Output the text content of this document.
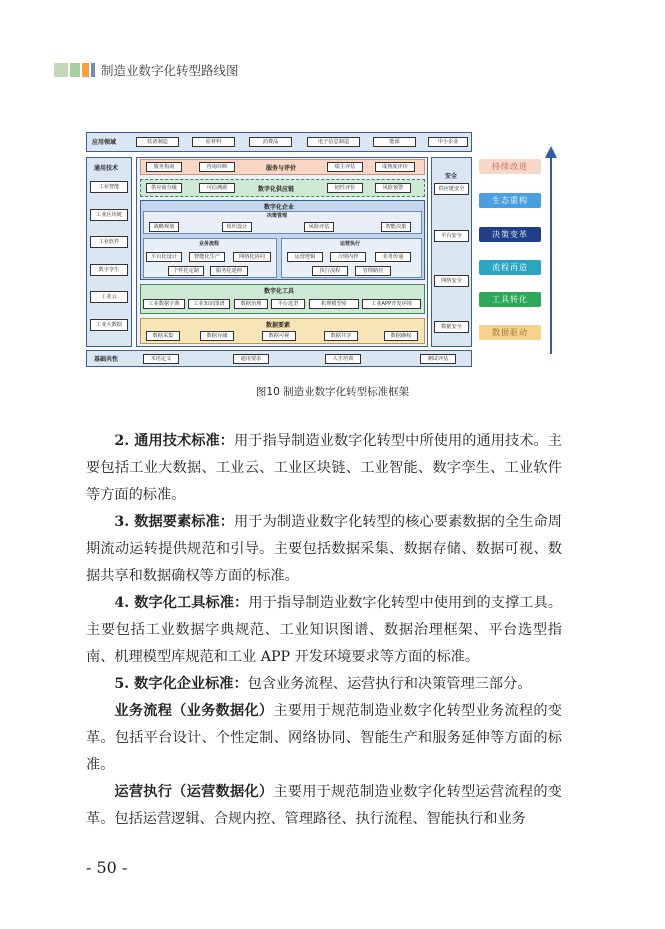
制造业数字化转型路线图
应用领域	装备制造	原材料	消费品	电子信息制造	能源	中小企业
通用技术
工业智能
工业区块链
工业软件
数字孪生
工业云
工业大数据
服务指南	咨询诊断	服务与评价	绩主评估	成熟度评价
供应商分级	可信溯源	数字化供应链	韧性评价	风险预警
数字化企业
决策管理
战略规划	组织设计	风险评估	智能决策
业务流程
平台化设计	智能化生产	网络化协同
个性化定制	服务化延伸
运营执行
运营逻辑	合规内控	业务传递
执行流程	管理路径
数字化工具
工业数据字典	工业知识图谱	数据治理	平台选型	机理模型库	工业APP开发环境
数据要素
数据采集	数据存储	数据可视	数据共享	数据确权
安全
供应链安全
平台安全
网络安全
数据安全
基础共性	术语定义	通用要求	人才培训	测试评估
持续改进
生态重构
决策变革
流程再造
工具转化
数据驱动
图10 制造业数字化转型标准框架
2. 通用技术标准：用于指导制造业数字化转型中所使用的通用技术。主要包括工业大数据、工业云、工业区块链、工业智能、数字孪生、工业软件等方面的标准。
3. 数据要素标准：用于为制造业数字化转型的核心要素数据的全生命周期流动运转提供规范和引导。主要包括数据采集、数据存储、数据可视、数据共享和数据确权等方面的标准。
4. 数字化工具标准：用于指导制造业数字化转型中使用到的支撑工具。主要包括工业数据字典规范、工业知识图谱、数据治理框架、平台选型指南、机理模型库规范和工业 APP 开发环境要求等方面的标准。
5. 数字化企业标准：包含业务流程、运营执行和决策管理三部分。
业务流程（业务数据化）主要用于规范制造业数字化转型业务流程的变革。包括平台设计、个性定制、网络协同、智能生产和服务延伸等方面的标准。
运营执行（运营数据化）主要用于规范制造业数字化转型运营流程的变革。包括运营逻辑、合规内控、管理路径、执行流程、智能执行和业务
- 50 -
